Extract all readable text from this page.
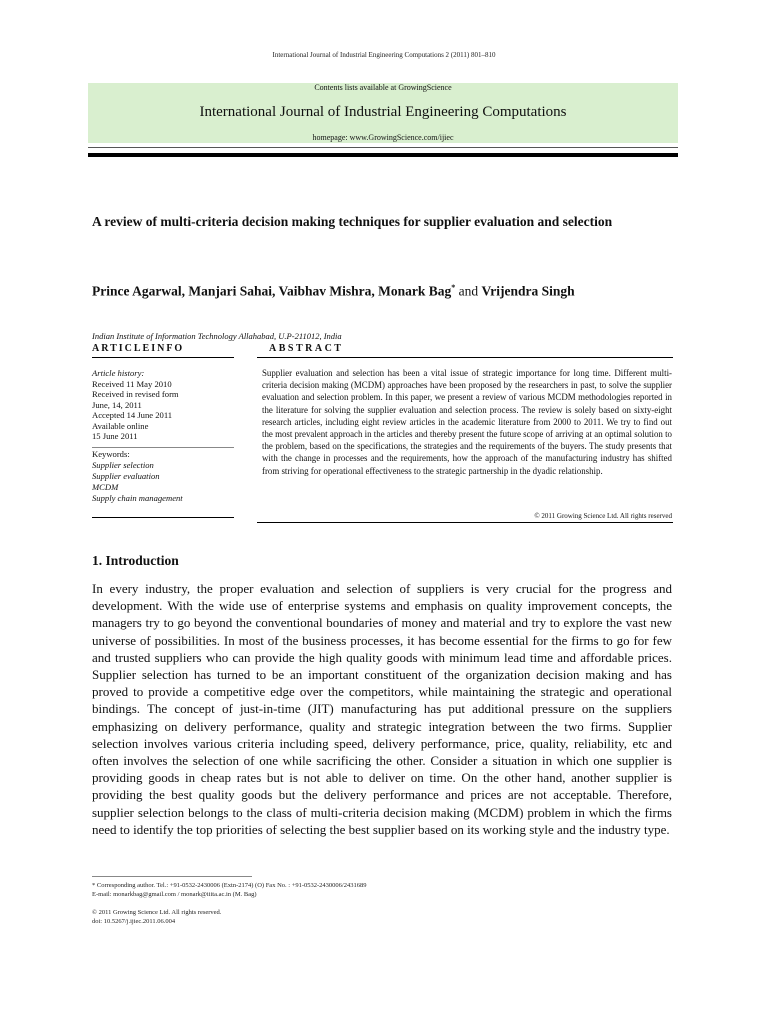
International Journal of Industrial Engineering Computations 2 (2011) 801–810
Contents lists available at GrowingScience
International Journal of Industrial Engineering Computations
homepage: www.GrowingScience.com/ijiec
A review of multi-criteria decision making techniques for supplier evaluation and selection
Prince Agarwal, Manjari Sahai, Vaibhav Mishra, Monark Bag* and Vrijendra Singh
Indian Institute of Information Technology Allahabad, U.P-211012, India
ARTICLEINFO	ABSTRACT
Article history:
Received 11 May 2010
Received in revised form
June, 14, 2011
Accepted 14 June 2011
Available online
15 June 2011
Keywords:
Supplier selection
Supplier evaluation
MCDM
Supply chain management
Supplier evaluation and selection has been a vital issue of strategic importance for long time. Different multi-criteria decision making (MCDM) approaches have been proposed by the researchers in past, to solve the supplier evaluation and selection problem. In this paper, we present a review of various MCDM methodologies reported in the literature for solving the supplier evaluation and selection process. The review is solely based on sixty-eight research articles, including eight review articles in the academic literature from 2000 to 2011. We try to find out the most prevalent approach in the articles and thereby present the future scope of arriving at an optimal solution to the problem, based on the specifications, the strategies and the requirements of the buyers. The study presents that with the change in processes and the requirements, how the approach of the manufacturing industry has shifted from striving for operational effectiveness to the strategic partnership in the dyadic relationship.
© 2011 Growing Science Ltd. All rights reserved
1. Introduction
In every industry, the proper evaluation and selection of suppliers is very crucial for the progress and development. With the wide use of enterprise systems and emphasis on quality improvement concepts, the managers try to go beyond the conventional boundaries of money and material and try to explore the vast new universe of possibilities. In most of the business processes, it has become essential for the firms to go for few and trusted suppliers who can provide the high quality goods with minimum lead time and affordable prices. Supplier selection has turned to be an important constituent of the organization decision making and has proved to provide a competitive edge over the competitors, while maintaining the strategic and operational bindings. The concept of just-in-time (JIT) manufacturing has put additional pressure on the suppliers emphasizing on delivery performance, quality and strategic integration between the two firms. Supplier selection involves various criteria including speed, delivery performance, price, quality, reliability, etc and often involves the selection of one while sacrificing the other. Consider a situation in which one supplier is providing goods in cheap rates but is not able to deliver on time. On the other hand, another supplier is providing the best quality goods but the delivery performance and prices are not acceptable. Therefore, supplier selection belongs to the class of multi-criteria decision making (MCDM) problem in which the firms need to identify the top priorities of selecting the best supplier based on its working style and the industry type.
* Corresponding author. Tel.: +91-0532-2430006 (Extn-2174) (O) Fax No. : +91-0532-2430006/2431689
E-mail: monarkbag@gmail.com / monark@iiita.ac.in (M. Bag)
© 2011 Growing Science Ltd. All rights reserved.
doi: 10.5267/j.ijiec.2011.06.004
